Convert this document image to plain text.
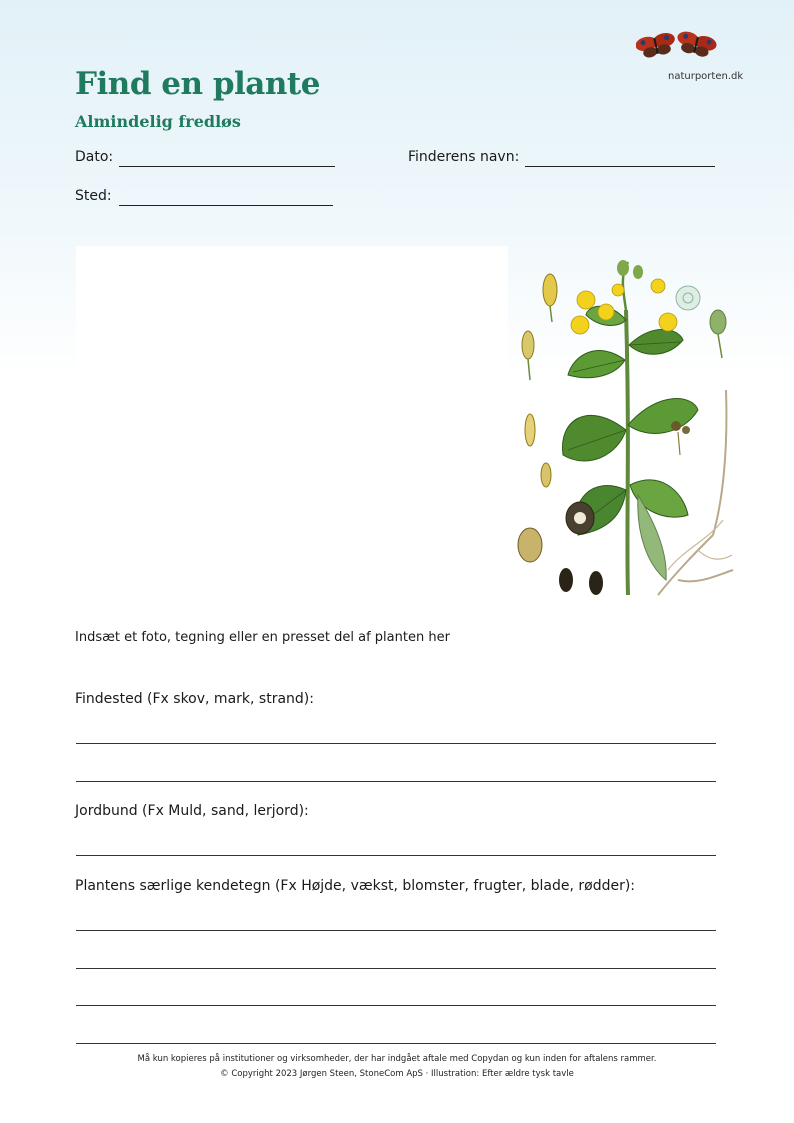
naturporten.dk
Find en plante
Almindelig fredløs
Dato:	Finderens navn:
Sted:
Indsæt et foto, tegning eller en presset del af planten her
Findested (Fx skov, mark, strand):
Jordbund (Fx Muld, sand, lerjord):
Plantens særlige kendetegn (Fx Højde, vækst, blomster, frugter, blade, rødder):
Må kun kopieres på institutioner og virksomheder, der har indgået aftale med Copydan og kun inden for aftalens rammer.
© Copyright 2023 Jørgen Steen, StoneCom ApS · Illustration: Efter ældre tysk tavle
